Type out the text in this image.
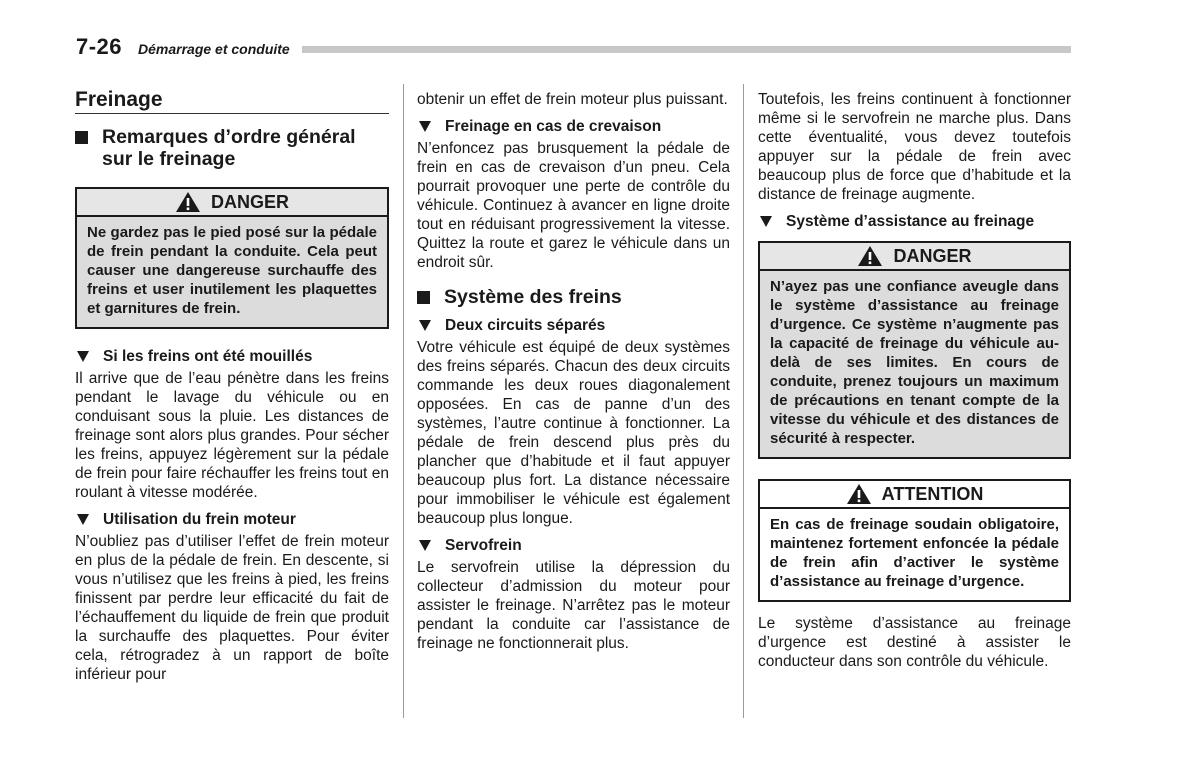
7-26 Démarrage et conduite
Freinage
Remarques d’ordre général sur le freinage
DANGER
Ne gardez pas le pied posé sur la pédale de frein pendant la conduite. Cela peut causer une dangereuse surchauffe des freins et user inutilement les plaquettes et garnitures de frein.
Si les freins ont été mouillés

Il arrive que de l’eau pénètre dans les freins pendant le lavage du véhicule ou en conduisant sous la pluie. Les distances de freinage sont alors plus grandes. Pour sécher les freins, appuyez légèrement sur la pédale de frein pour faire réchauffer les freins tout en roulant à vitesse modérée.

Utilisation du frein moteur

N’oubliez pas d’utiliser l’effet de frein moteur en plus de la pédale de frein. En descente, si vous n’utilisez que les freins à pied, les freins finissent par perdre leur efficacité du fait de l’échauffement du liquide de frein que produit la surchauffe des plaquettes. Pour éviter cela, rétrogradez à un rapport de boîte inférieur pour

obtenir un effet de frein moteur plus puissant.

Freinage en cas de crevaison

N’enfoncez pas brusquement la pédale de frein en cas de crevaison d’un pneu. Cela pourrait provoquer une perte de contrôle du véhicule. Continuez à avancer en ligne droite tout en réduisant progressivement la vitesse. Quittez la route et garez le véhicule dans un endroit sûr.

Système des freins
Deux circuits séparés

Votre véhicule est équipé de deux systèmes des freins séparés. Chacun des deux circuits commande les deux roues diagonalement opposées. En cas de panne d’un des systèmes, l’autre continue à fonctionner. La pédale de frein descend plus près du plancher que d’habitude et il faut appuyer beaucoup plus fort. La distance nécessaire pour immobiliser le véhicule est également beaucoup plus longue.

Servofrein

Le servofrein utilise la dépression du collecteur d’admission du moteur pour assister le freinage. N’arrêtez pas le moteur pendant la conduite car l’assistance de freinage ne fonctionnerait plus.

Toutefois, les freins continuent à fonctionner même si le servofrein ne marche plus. Dans cette éventualité, vous devez toutefois appuyer sur la pédale de frein avec beaucoup plus de force que d’habitude et la distance de freinage augmente.

Système d’assistance au freinage
DANGER
N’ayez pas une confiance aveugle dans le système d’assistance au freinage d’urgence. Ce système n’augmente pas la capacité de freinage du véhicule au-delà de ses limites. En cours de conduite, prenez toujours un maximum de précautions en tenant compte de la vitesse du véhicule et des distances de sécurité à respecter.
ATTENTION
En cas de freinage soudain obligatoire, maintenez fortement enfoncée la pédale de frein afin d’activer le système d’assistance au freinage d’urgence.

Le système d’assistance au freinage d’urgence est destiné à assister le conducteur dans son contrôle du véhicule.
